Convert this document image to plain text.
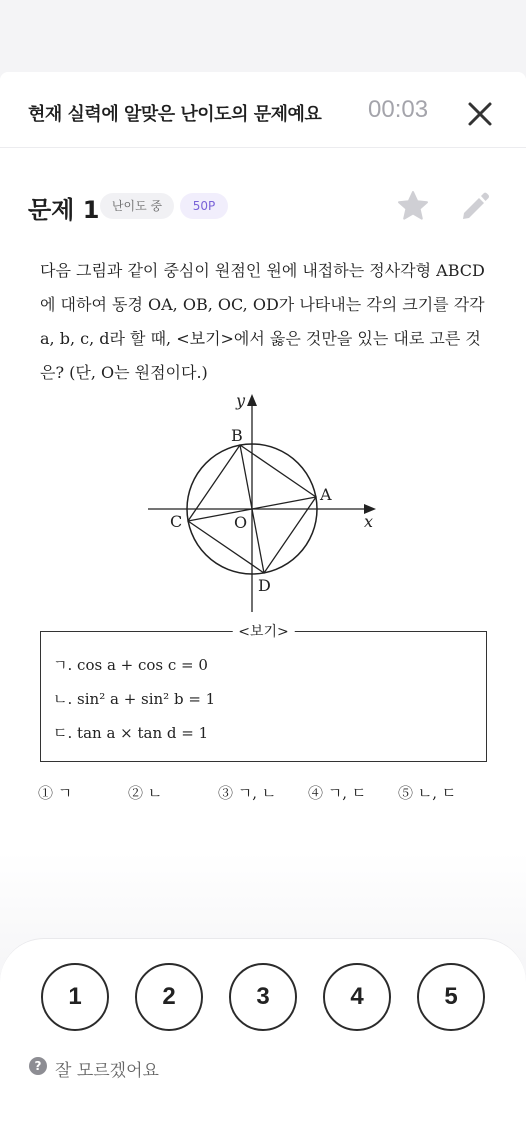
현재 실력에 알맞은 난이도의 문제예요 00:03
문제 1	난이도 중	50P
다음 그림과 같이 중심이 원점인 원에 내접하는 정사각형 ABCD에 대하여 동경 OA, OB, OC, OD가 나타내는 각의 크기를 각각 a, b, c, d라 할 때, <보기>에서 옳은 것만을 있는 대로 고른 것은? (단, O는 원점이다.)
y
x
A
B
C
D
O
<보기>
ㄱ. cos a + cos c = 0
ㄴ. sin² a + sin² b = 1
ㄷ. tan a × tan d = 1
① ㄱ	② ㄴ	③ ㄱ, ㄴ ④ ㄱ, ㄷ ⑤ ㄴ, ㄷ
1	2	3	4	5
? 잘 모르겠어요
